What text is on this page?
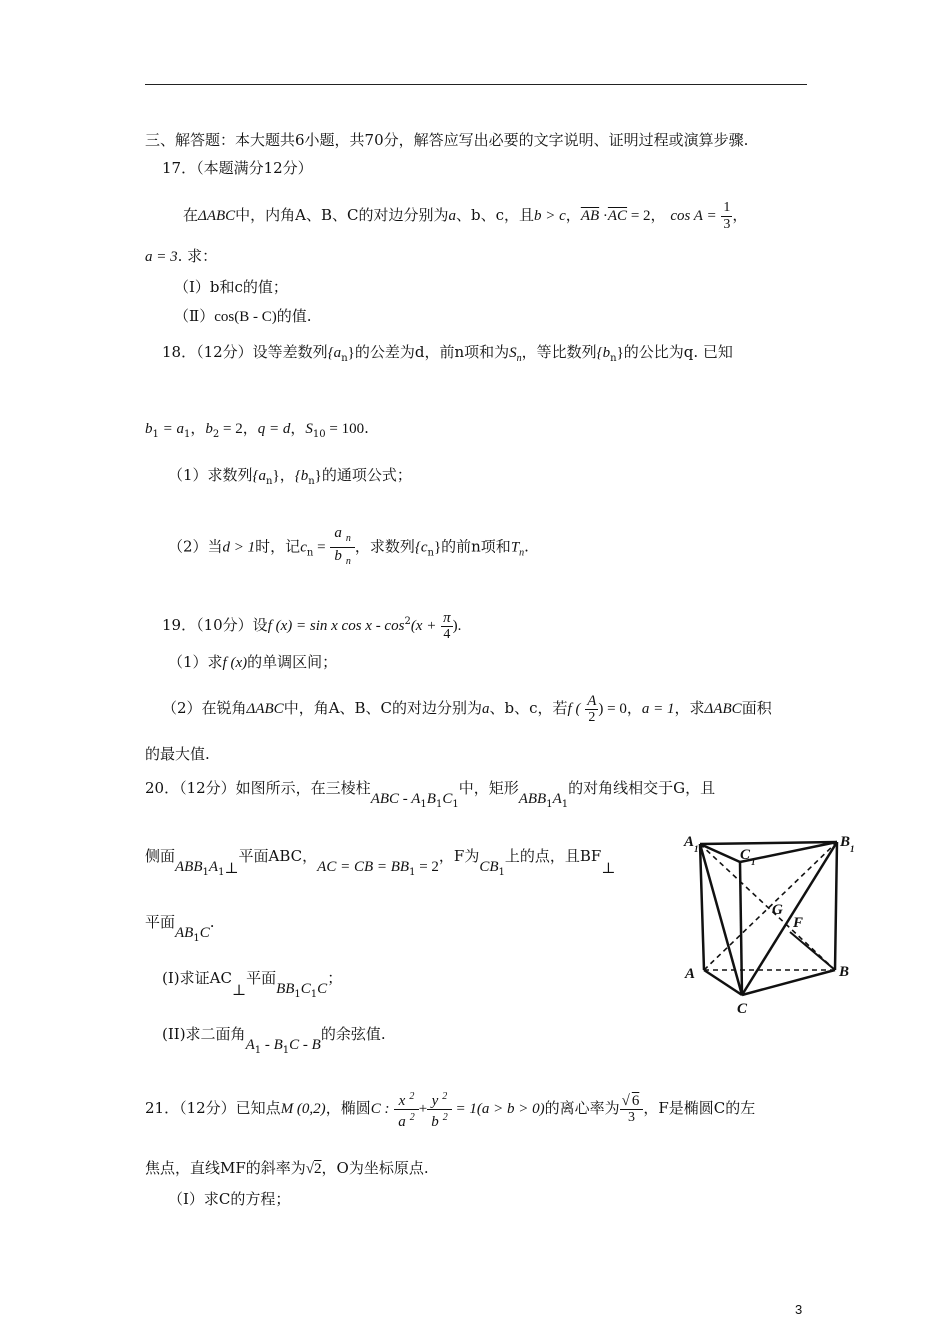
三、解答题：本大题共6小题，共70分，解答应写出必要的文字说明、证明过程或演算步骤.
17．（本题满分12分）
在ΔABC中，内角A、B、C的对边分别为a、b、c，且b > c，$\overline{AB} \cdot\overline{AC} = 2$， $\cos A = \frac{1}{3}$ ，
a = 3. 求：
（Ⅰ）b和c的值；
（Ⅱ）cos(B - C)的值.
18．（12分）设等差数列$\{a_n\}$的公差为d，前n项和为$S_n$，等比数列$\{b_n\}$的公比为q. 已知
$b_1 = a_1$，$b_2 = 2$，q = d，$S_{10} = 100$.
（1）求数列$\{a_n\}$，$\{b_n\}$的通项公式；
（2）当d > 1时，记$c_n = \frac{a _n}{b _n}$ ，求数列$\{c_n\}$的前n项和$T_n$.
19．（10分）设f (x) = sin x $\cos x - \cos^2(x + \frac{\pi}{4}$ ).
（1）求f (x)的单调区间；
（2）在锐角ΔABC中，角A、B、C的对边分别为a、b、c，若f ( $\frac{A}{2}$ ) = 0，a = 1，求ΔABC面积
的最大值.
20．（12分）如图所示，在三棱柱ABC - $A_1B_1C_1$中，矩形$ABB_1A_1$的对角线相交于G，且
侧面$ABB_1A_1\perp$平面ABC，AC = CB = $BB_1 = 2$，F为$CB_1$上的点，且BF⊥
平面$AB_1C$.
(I)求证AC⊥平面$BB_1C_1C$；
(II)求二面角$A_1 - B_1C$ - B的余弦值.
A 1	C 1
B 1
G
F
A	B
C
21．（12分）已知点M (0,2)，椭圆C : $\frac{x ^2}{a ^2} + \frac{y ^2}{b ^2} = 1(a > b > 0)$的离心率为 $\frac{√ 6}{3}$ ，F是椭圆C的左
焦点，直线MF的斜率为√2，O为坐标原点.
（Ⅰ）求C的方程；
3
